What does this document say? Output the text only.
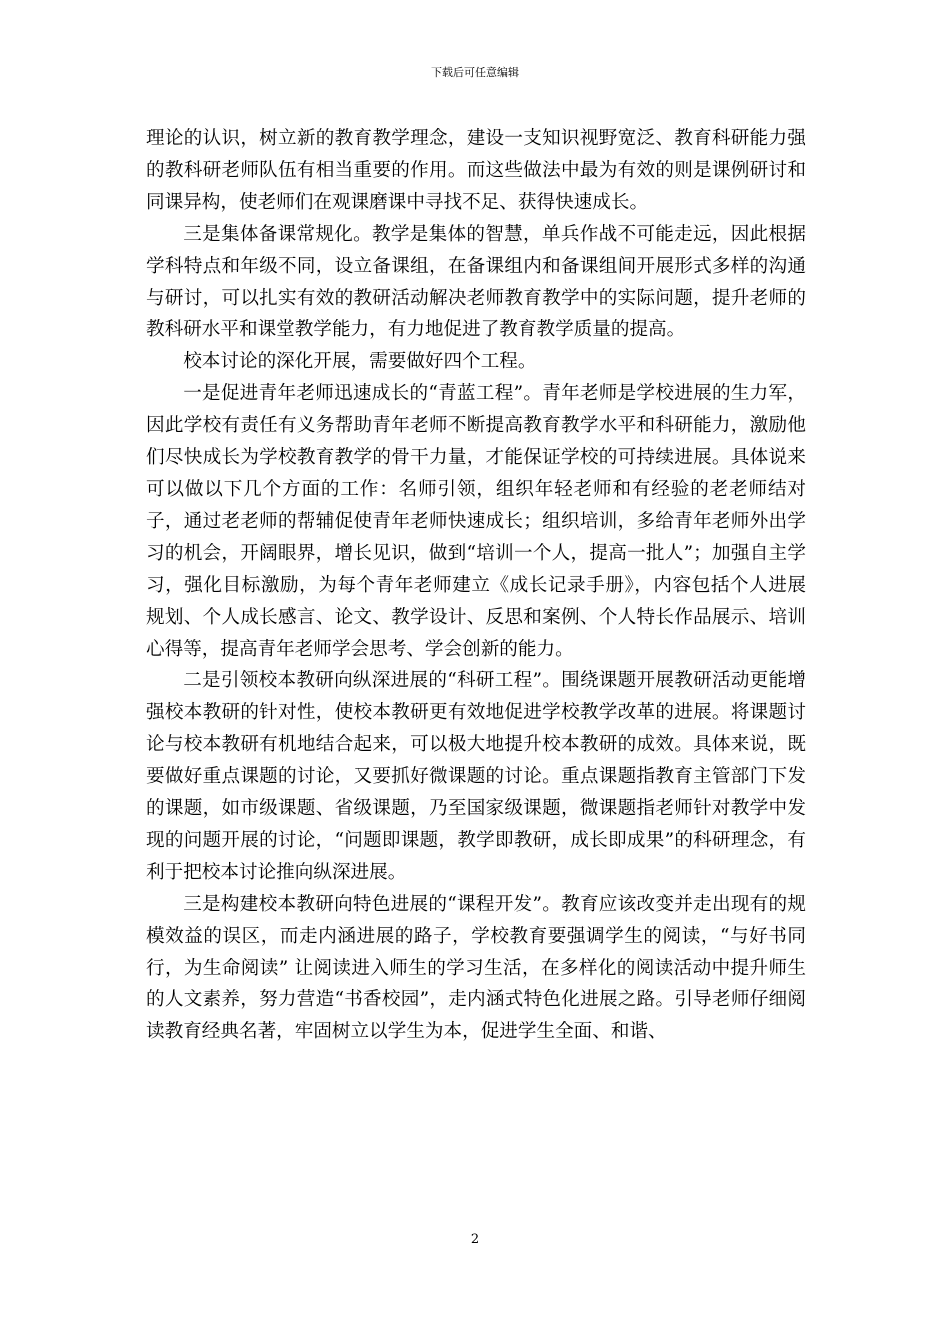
下载后可任意编辑

理论的认识，树立新的教育教学理念，建设一支知识视野宽泛、教育科研能力强的教科研老师队伍有相当重要的作用。而这些做法中最为有效的则是课例研讨和同课异构，使老师们在观课磨课中寻找不足、获得快速成长。

三是集体备课常规化。教学是集体的智慧，单兵作战不可能走远，因此根据学科特点和年级不同，设立备课组，在备课组内和备课组间开展形式多样的沟通与研讨，可以扎实有效的教研活动解决老师教育教学中的实际问题，提升老师的教科研水平和课堂教学能力，有力地促进了教育教学质量的提高。

校本讨论的深化开展，需要做好四个工程。

一是促进青年老师迅速成长的“青蓝工程”。青年老师是学校进展的生力军，因此学校有责任有义务帮助青年老师不断提高教育教学水平和科研能力，激励他们尽快成长为学校教育教学的骨干力量，才能保证学校的可持续进展。具体说来可以做以下几个方面的工作：名师引领，组织年轻老师和有经验的老老师结对子，通过老老师的帮辅促使青年老师快速成长；组织培训，多给青年老师外出学习的机会，开阔眼界，增长见识，做到“培训一个人，提高一批人”；加强自主学习，强化目标激励，为每个青年老师建立《成长记录手册》，内容包括个人进展规划、个人成长感言、论文、教学设计、反思和案例、个人特长作品展示、培训心得等，提高青年老师学会思考、学会创新的能力。

二是引领校本教研向纵深进展的“科研工程”。围绕课题开展教研活动更能增强校本教研的针对性，使校本教研更有效地促进学校教学改革的进展。将课题讨论与校本教研有机地结合起来，可以极大地提升校本教研的成效。具体来说，既要做好重点课题的讨论，又要抓好微课题的讨论。重点课题指教育主管部门下发的课题，如市级课题、省级课题，乃至国家级课题，微课题指老师针对教学中发现的问题开展的讨论，“问题即课题，教学即教研，成长即成果”的科研理念，有利于把校本讨论推向纵深进展。

三是构建校本教研向特色进展的“课程开发”。教育应该改变并走出现有的规模效益的误区，而走内涵进展的路子，学校教育要强调学生的阅读，“与好书同行，为生命阅读” 让阅读进入师生的学习生活，在多样化的阅读活动中提升师生的人文素养，努力营造“书香校园”，走内涵式特色化进展之路。引导老师仔细阅读教育经典名著，牢固树立以学生为本，促进学生全面、和谐、

2
